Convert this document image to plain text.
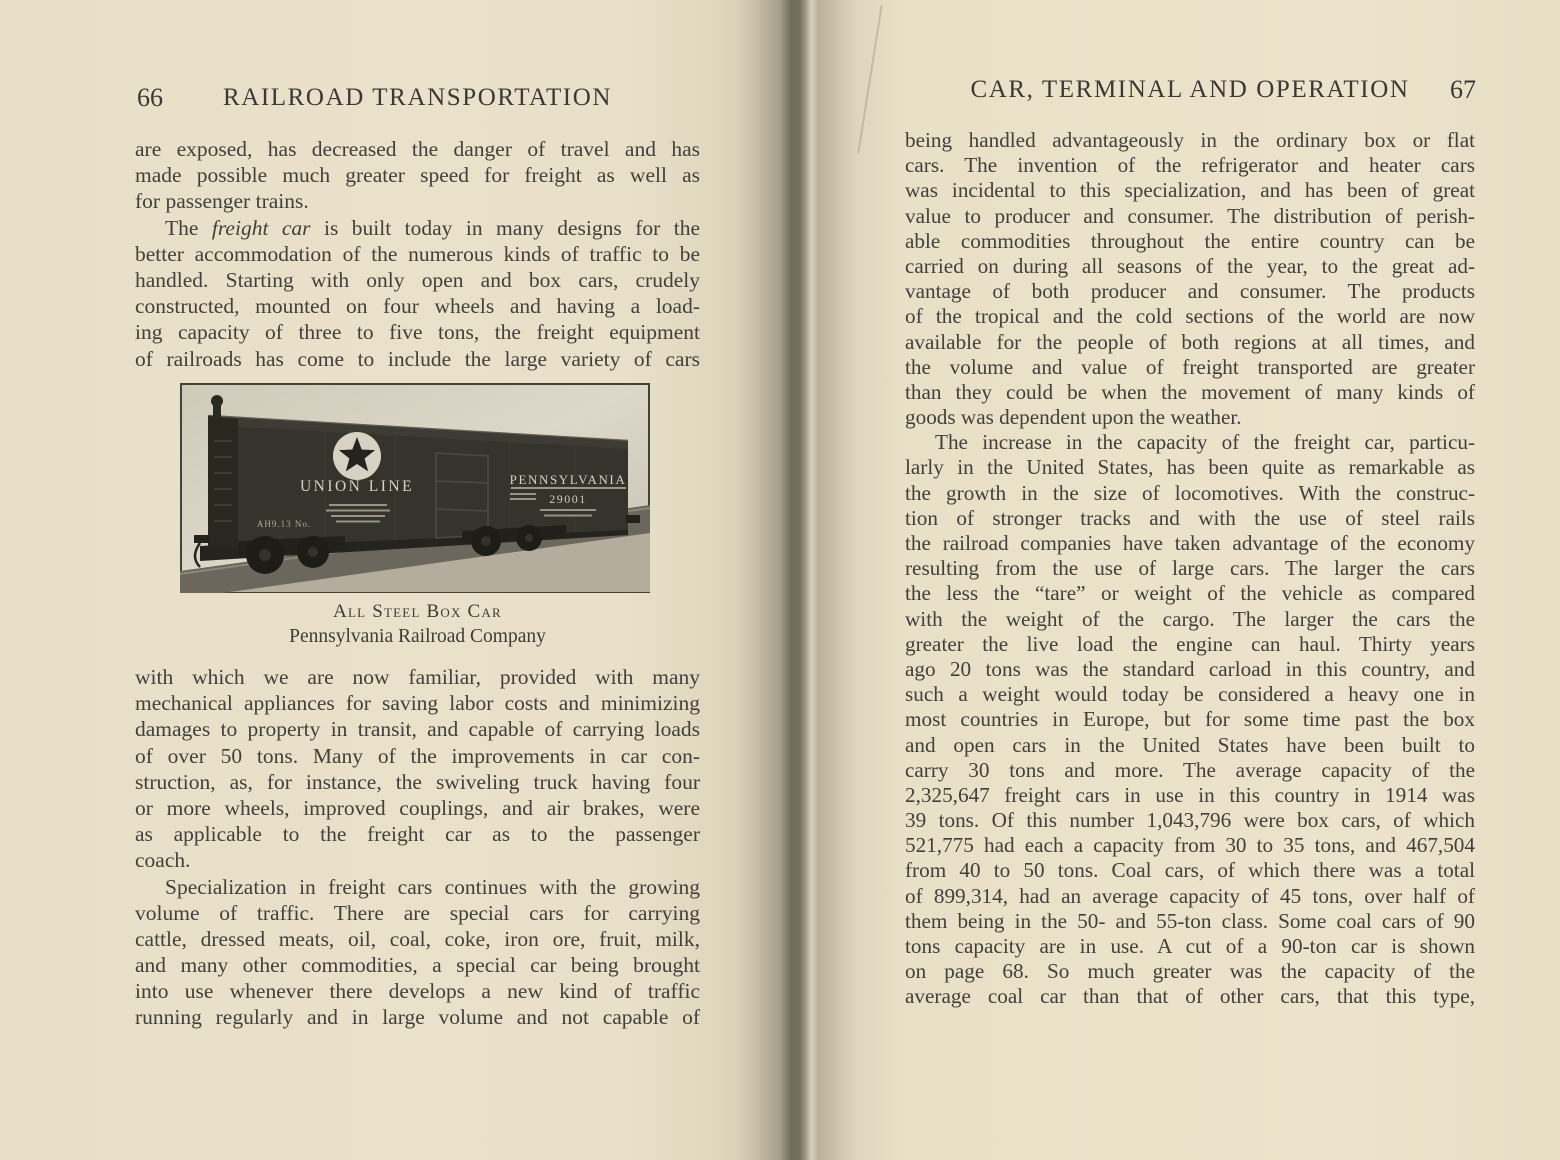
66	RAILROAD TRANSPORTATION	CAR, TERMINAL AND OPERATION	67

are exposed, has decreased the danger of travel and has
made possible much greater speed for freight as well as
for passenger trains.

The freight car is built today in many designs for the
better accommodation of the numerous kinds of traffic to be
handled. Starting with only open and box cars, crudely
constructed, mounted on four wheels and having a load-
ing capacity of three to five tons, the freight equipment
of railroads has come to include the large variety of cars

UNION LINE
AH9.13 No.
PENNSYLVANIA
29001
All Steel Box Car
Pennsylvania Railroad Company

with which we are now familiar, provided with many
mechanical appliances for saving labor costs and minimizing
damages to property in transit, and capable of carrying loads
of over 50 tons. Many of the improvements in car con-
struction, as, for instance, the swiveling truck having four
or more wheels, improved couplings, and air brakes, were
as applicable to the freight car as to the passenger
coach.

Specialization in freight cars continues with the growing
volume of traffic. There are special cars for carrying
cattle, dressed meats, oil, coal, coke, iron ore, fruit, milk,
and many other commodities, a special car being brought
into use whenever there develops a new kind of traffic
running regularly and in large volume and not capable of

being handled advantageously in the ordinary box or flat
cars. The invention of the refrigerator and heater cars
was incidental to this specialization, and has been of great
value to producer and consumer. The distribution of perish-
able commodities throughout the entire country can be
carried on during all seasons of the year, to the great ad-
vantage of both producer and consumer. The products
of the tropical and the cold sections of the world are now
available for the people of both regions at all times, and
the volume and value of freight transported are greater
than they could be when the movement of many kinds of
goods was dependent upon the weather.

The increase in the capacity of the freight car, particu-
larly in the United States, has been quite as remarkable as
the growth in the size of locomotives. With the construc-
tion of stronger tracks and with the use of steel rails
the railroad companies have taken advantage of the economy
resulting from the use of large cars. The larger the cars
the less the “tare” or weight of the vehicle as compared
with the weight of the cargo. The larger the cars the
greater the live load the engine can haul. Thirty years
ago 20 tons was the standard carload in this country, and
such a weight would today be considered a heavy one in
most countries in Europe, but for some time past the box
and open cars in the United States have been built to
carry 30 tons and more. The average capacity of the
2,325,647 freight cars in use in this country in 1914 was
39 tons. Of this number 1,043,796 were box cars, of which
521,775 had each a capacity from 30 to 35 tons, and 467,504
from 40 to 50 tons. Coal cars, of which there was a total
of 899,314, had an average capacity of 45 tons, over half of
them being in the 50- and 55-ton class. Some coal cars of 90
tons capacity are in use. A cut of a 90-ton car is shown
on page 68. So much greater was the capacity of the
average coal car than that of other cars, that this type,
